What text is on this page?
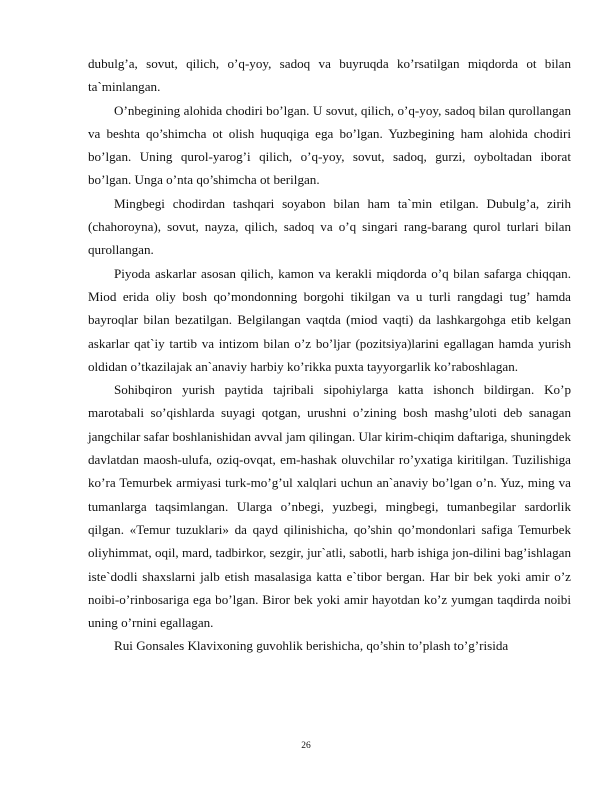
dubulg’a, sovut, qilich, o’q-yoy, sadoq va buyruqda ko’rsatilgan miqdorda ot bilan ta`minlangan.

O’nbegining alohida chodiri bo’lgan. U sovut, qilich, o’q-yoy, sadoq bilan qurollangan va beshta qo’shimcha ot olish huquqiga ega bo’lgan. Yuzbegining ham alohida chodiri bo’lgan. Uning qurol-yarog’i qilich, o’q-yoy, sovut, sadoq, gurzi, oyboltadan iborat bo’lgan. Unga o’nta qo’shimcha ot berilgan.

Mingbegi chodirdan tashqari soyabon bilan ham ta`min etilgan. Dubulg’a, zirih (chahoroyna), sovut, nayza, qilich, sadoq va o’q singari rang-barang qurol turlari bilan qurollangan.

Piyoda askarlar asosan qilich, kamon va kerakli miqdorda o’q bilan safarga chiqqan. Miod erida oliy bosh qo’mondonning borgohi tikilgan va u turli rangdagi tug’ hamda bayroqlar bilan bezatilgan. Belgilangan vaqtda (miod vaqti) da lashkargohga etib kelgan askarlar qat`iy tartib va intizom bilan o’z bo’ljar (pozitsiya)larini egallagan hamda yurish oldidan o’tkazilajak an`anaviy harbiy ko’rikka puxta tayyorgarlik ko’raboshlagan.

Sohibqiron yurish paytida tajribali sipohiylarga katta ishonch bildirgan. Ko’p marotabali so’qishlarda suyagi qotgan, urushni o’zining bosh mashg’uloti deb sanagan jangchilar safar boshlanishidan avval jam qilingan. Ular kirim-chiqim daftariga, shuningdek davlatdan maosh-ulufa, oziq-ovqat, em-hashak oluvchilar ro’yxatiga kiritilgan. Tuzilishiga ko’ra Temurbek armiyasi turk-mo’g’ul xalqlari uchun an`anaviy bo’lgan o’n. Yuz, ming va tumanlarga taqsimlangan. Ularga o’nbegi, yuzbegi, mingbegi, tumanbegilar sardorlik qilgan. «Temur tuzuklari» da qayd qilinishicha, qo’shin qo’mondonlari safiga Temurbek oliyhimmat, oqil, mard, tadbirkor, sezgir, jur`atli, sabotli, harb ishiga jon-dilini bag’ishlagan iste`dodli shaxslarni jalb etish masalasiga katta e`tibor bergan. Har bir bek yoki amir o’z noibi-o’rinbosariga ega bo’lgan. Biror bek yoki amir hayotdan ko’z yumgan taqdirda noibi uning o’rnini egallagan.

Rui Gonsales Klavixoning guvohlik berishicha, qo’shin to’plash to’g’risida

26
